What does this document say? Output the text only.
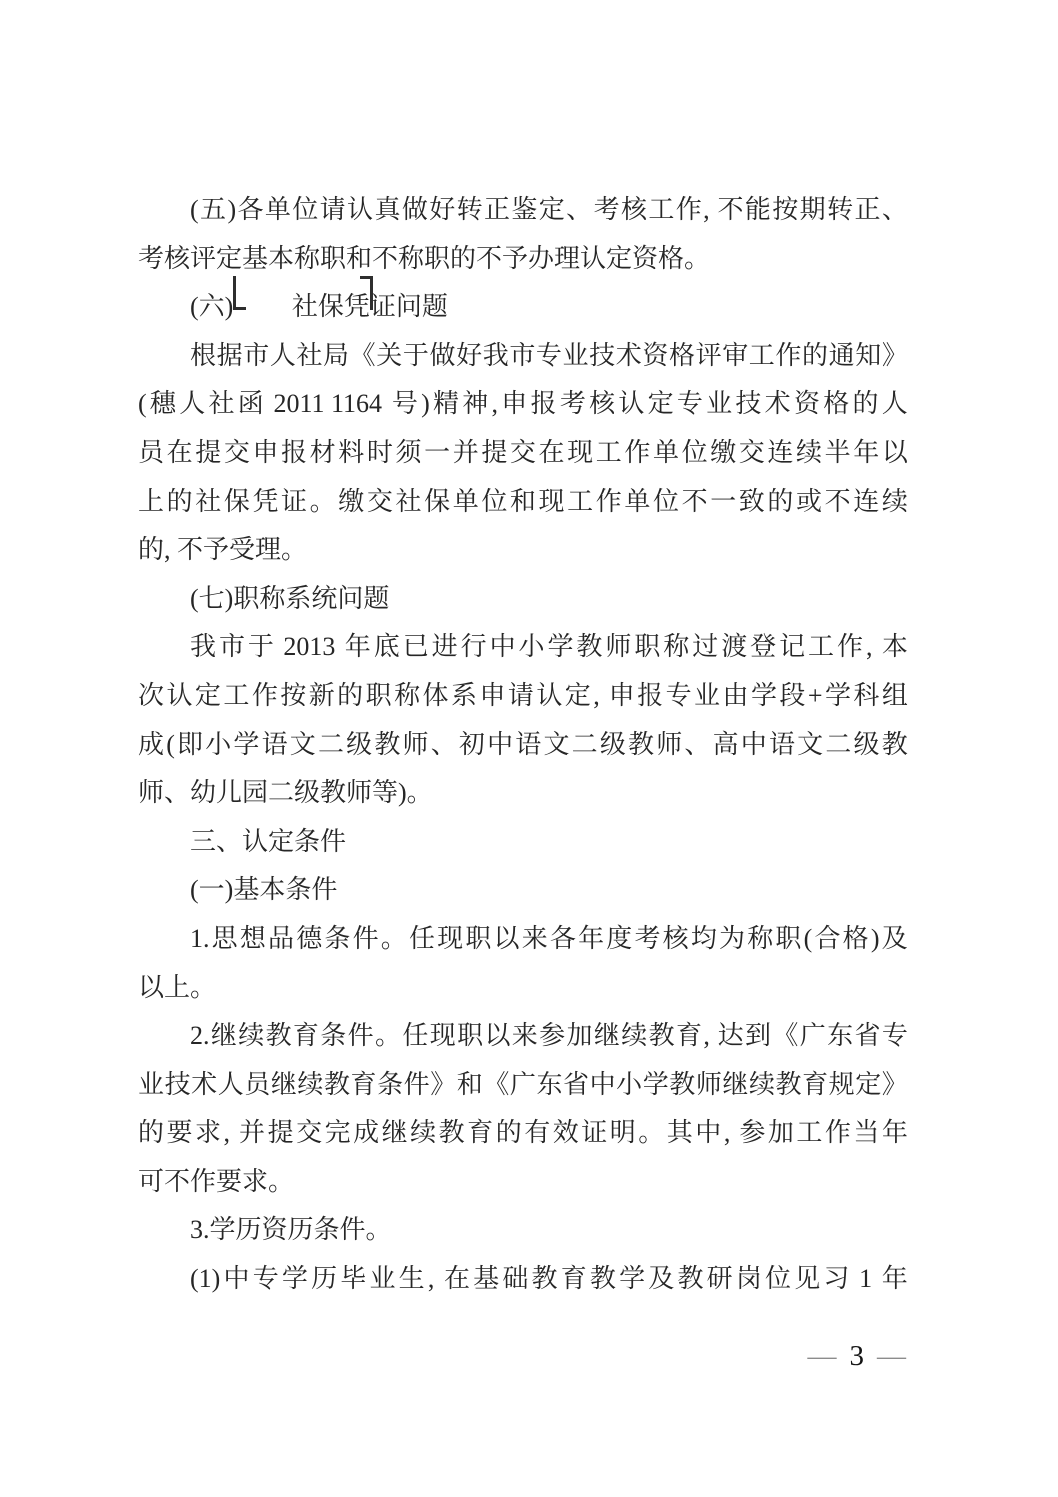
( 五 ) 各 单 位 请 认 真 做 好 转 正 鉴 定 、 考 核 工 作 , 不 能 按 期 转 正 、
考核评定基本称职和不称职的不予办理认定资格。
(六) 社保凭
证问题
根 据 市 人 社 局 《 关 于 做 好 我 市 专 业 技 术 资 格 评 审 工 作 的 通 知 》
( 穗 人 社 函 2011 1164 号 ) 精 神 , 申 报 考 核 认 定 专 业 技 术 资 格 的 人
员 在 提 交 申 报 材 料 时 须 一 并 提 交 在 现 工 作 单 位 缴 交 连 续 半 年 以
上 的 社 保 凭 证 。 缴 交 社 保 单 位 和 现 工 作 单 位 不 一 致 的 或 不 连 续
的, 不予受理。
(七)职称系统问题
我 市 于 2013 年 底 已 进 行 中 小 学 教 师 职 称 过 渡 登 记 工 作 , 本
次 认 定 工 作 按 新 的 职 称 体 系 申 请 认 定 , 申 报 专 业 由 学 段 + 学 科 组
成 ( 即 小 学 语 文 二 级 教 师 、 初 中 语 文 二 级 教 师 、 高 中 语 文 二 级 教
师、幼儿园二级教师等)。
三、认定条件
(一)基本条件
1. 思 想 品 德 条 件 。 任 现 职 以 来 各 年 度 考 核 均 为 称 职 ( 合 格 ) 及
以上。
2. 继 续 教 育 条 件 。 任 现 职 以 来 参 加 继 续 教 育 , 达 到 《 广 东 省 专
业 技 术 人 员 继 续 教 育 条 件 》 和 《 广 东 省 中 小 学 教 师 继 续 教 育 规 定 》
的 要 求 , 并 提 交 完 成 继 续 教 育 的 有 效 证 明 。 其 中 , 参 加 工 作 当 年
可不作要求。
3.学历资历条件。
(1) 中 专 学 历 毕 业 生 , 在 基 础 教 育 教 学 及 教 研 岗 位 见 习 1 年
— 3 —
